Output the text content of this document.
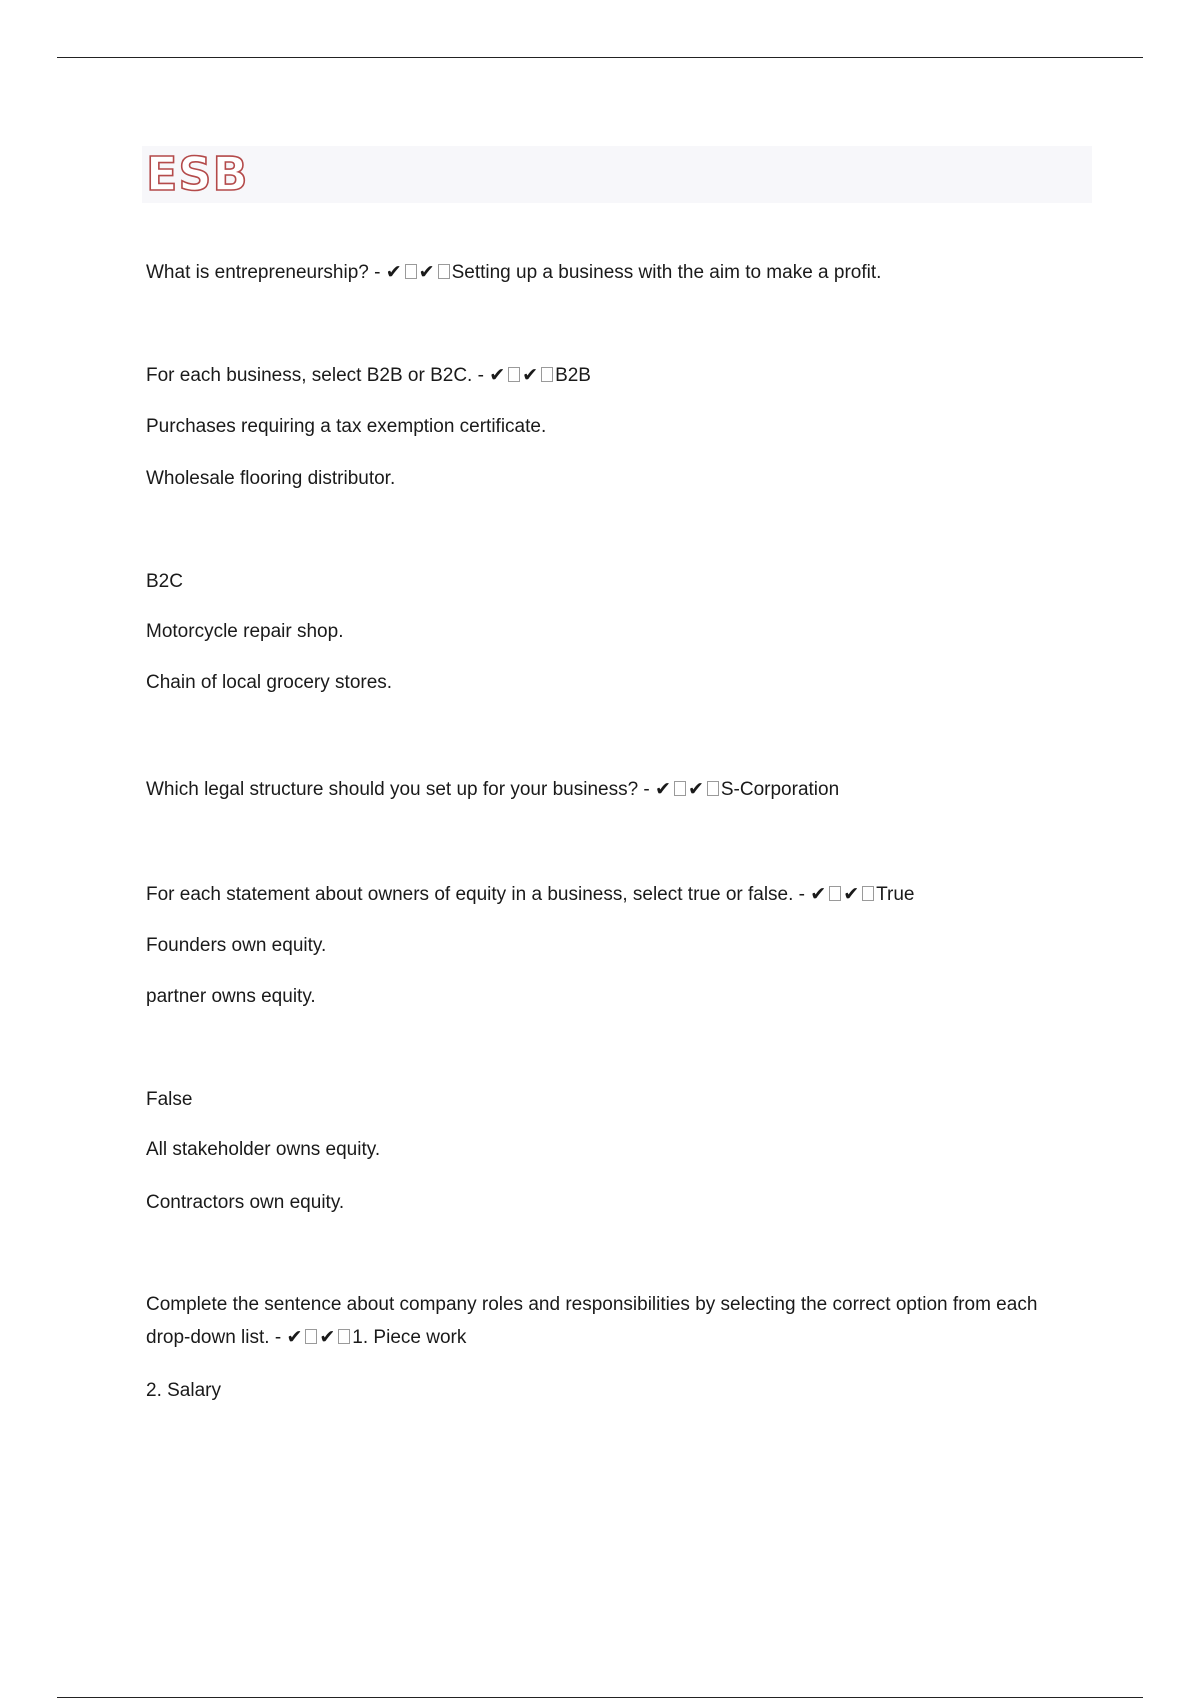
ESB
What is entrepreneurship? - ✔ ✔ Setting up a business with the aim to make a profit.
For each business, select B2B or B2C. - ✔ ✔ B2B
Purchases requiring a tax exemption certificate.
Wholesale flooring distributor.
B2C
Motorcycle repair shop.
Chain of local grocery stores.
Which legal structure should you set up for your business? - ✔ ✔ S-Corporation
For each statement about owners of equity in a business, select true or false. - ✔ ✔ True
Founders own equity.
partner owns equity.
False
All stakeholder owns equity.
Contractors own equity.
Complete the sentence about company roles and responsibilities by selecting the correct option from each drop-down list. - ✔ ✔ 1. Piece work
2. Salary
